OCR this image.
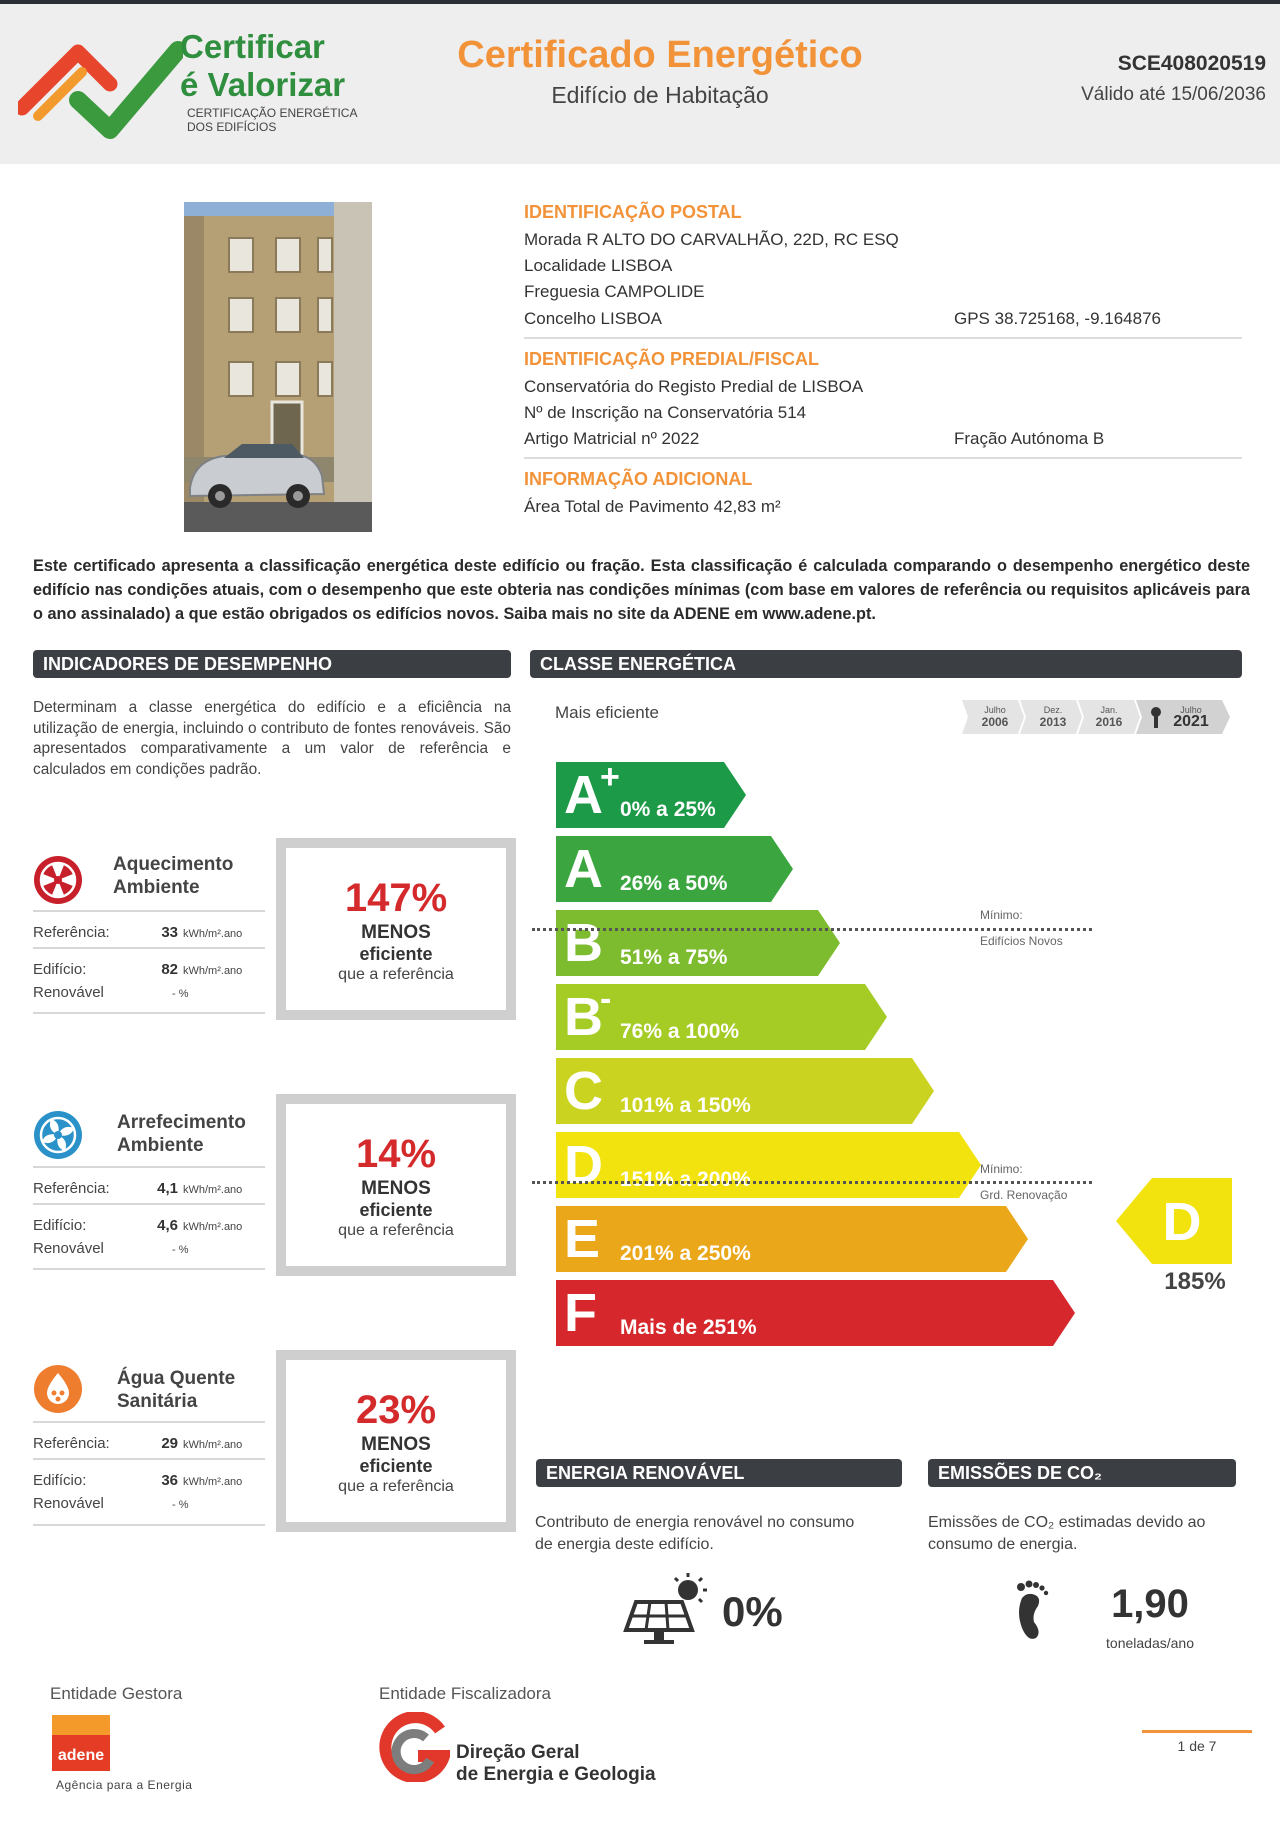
Certificar
é Valorizar
CERTIFICAÇÃO ENERGÉTICA
DOS EDIFÍCIOS
Certificado Energético
Edifício de Habitação
SCE408020519
Válido até 15/06/2036
IDENTIFICAÇÃO POSTAL
Morada R ALTO DO CARVALHÃO, 22D, RC ESQ
Localidade LISBOA
Freguesia CAMPOLIDE
Concelho LISBOA	GPS 38.725168, -9.164876
IDENTIFICAÇÃO PREDIAL/FISCAL
Conservatória do Registo Predial de LISBOA
Nº de Inscrição na Conservatória 514
Artigo Matricial nº 2022	Fração Autónoma B
INFORMAÇÃO ADICIONAL
Área Total de Pavimento 42,83 m²
Este certificado apresenta a classificação energética deste edifício ou fração. Esta classificação é calculada comparando o desempenho energético deste edifício nas condições atuais, com o desempenho que este obteria nas condições mínimas (com base em valores de referência ou requisitos aplicáveis para o ano assinalado) a que estão obrigados os edifícios novos. Saiba mais no site da ADENE em www.adene.pt.
INDICADORES DE DESEMPENHO	CLASSE ENERGÉTICA
Determinam a classe energética do edifício e a eficiência na utilização de energia, incluindo o contributo de fontes renováveis. São apresentados comparativamente a um valor de referência e calculados em condições padrão.
Aquecimento
Ambiente
Referência:	33 kWh/m².ano
Edifício:	82 kWh/m².ano
Renovável	- %
147%
MENOS
eficiente
que a referência
Arrefecimento
Ambiente
Referência:	4,1 kWh/m².ano
Edifício:	4,6 kWh/m².ano
Renovável	- %
14%
MENOS
eficiente
que a referência
Água Quente
Sanitária
Referência:	29 kWh/m².ano
Edifício:	36 kWh/m².ano
Renovável	- %
23%
MENOS
eficiente
que a referência
Mais eficiente	Julho
2006
Dez.
2013
Jan.
2016
Julho
2021
A
+
0% a 25%
A 26% a 50%
B 51% a 75%
B
-
76% a 100%
C 101% a 150%
D 151% a 200%
E 201% a 250%
F Mais de 251%
Mínimo:
Edifícios Novos
Mínimo:
Grd. Renovação D
185%
ENERGIA RENOVÁVEL	EMISSÕES DE CO₂
Contributo de energia renovável no consumo
de energia deste edifício.
Emissões de CO₂ estimadas devido ao
consumo de energia.
0%	1,90
toneladas/ano
Entidade Gestora
adene
Agência para a Energia
Entidade Fiscalizadora
Direção Geral
de Energia e Geologia
1 de 7
